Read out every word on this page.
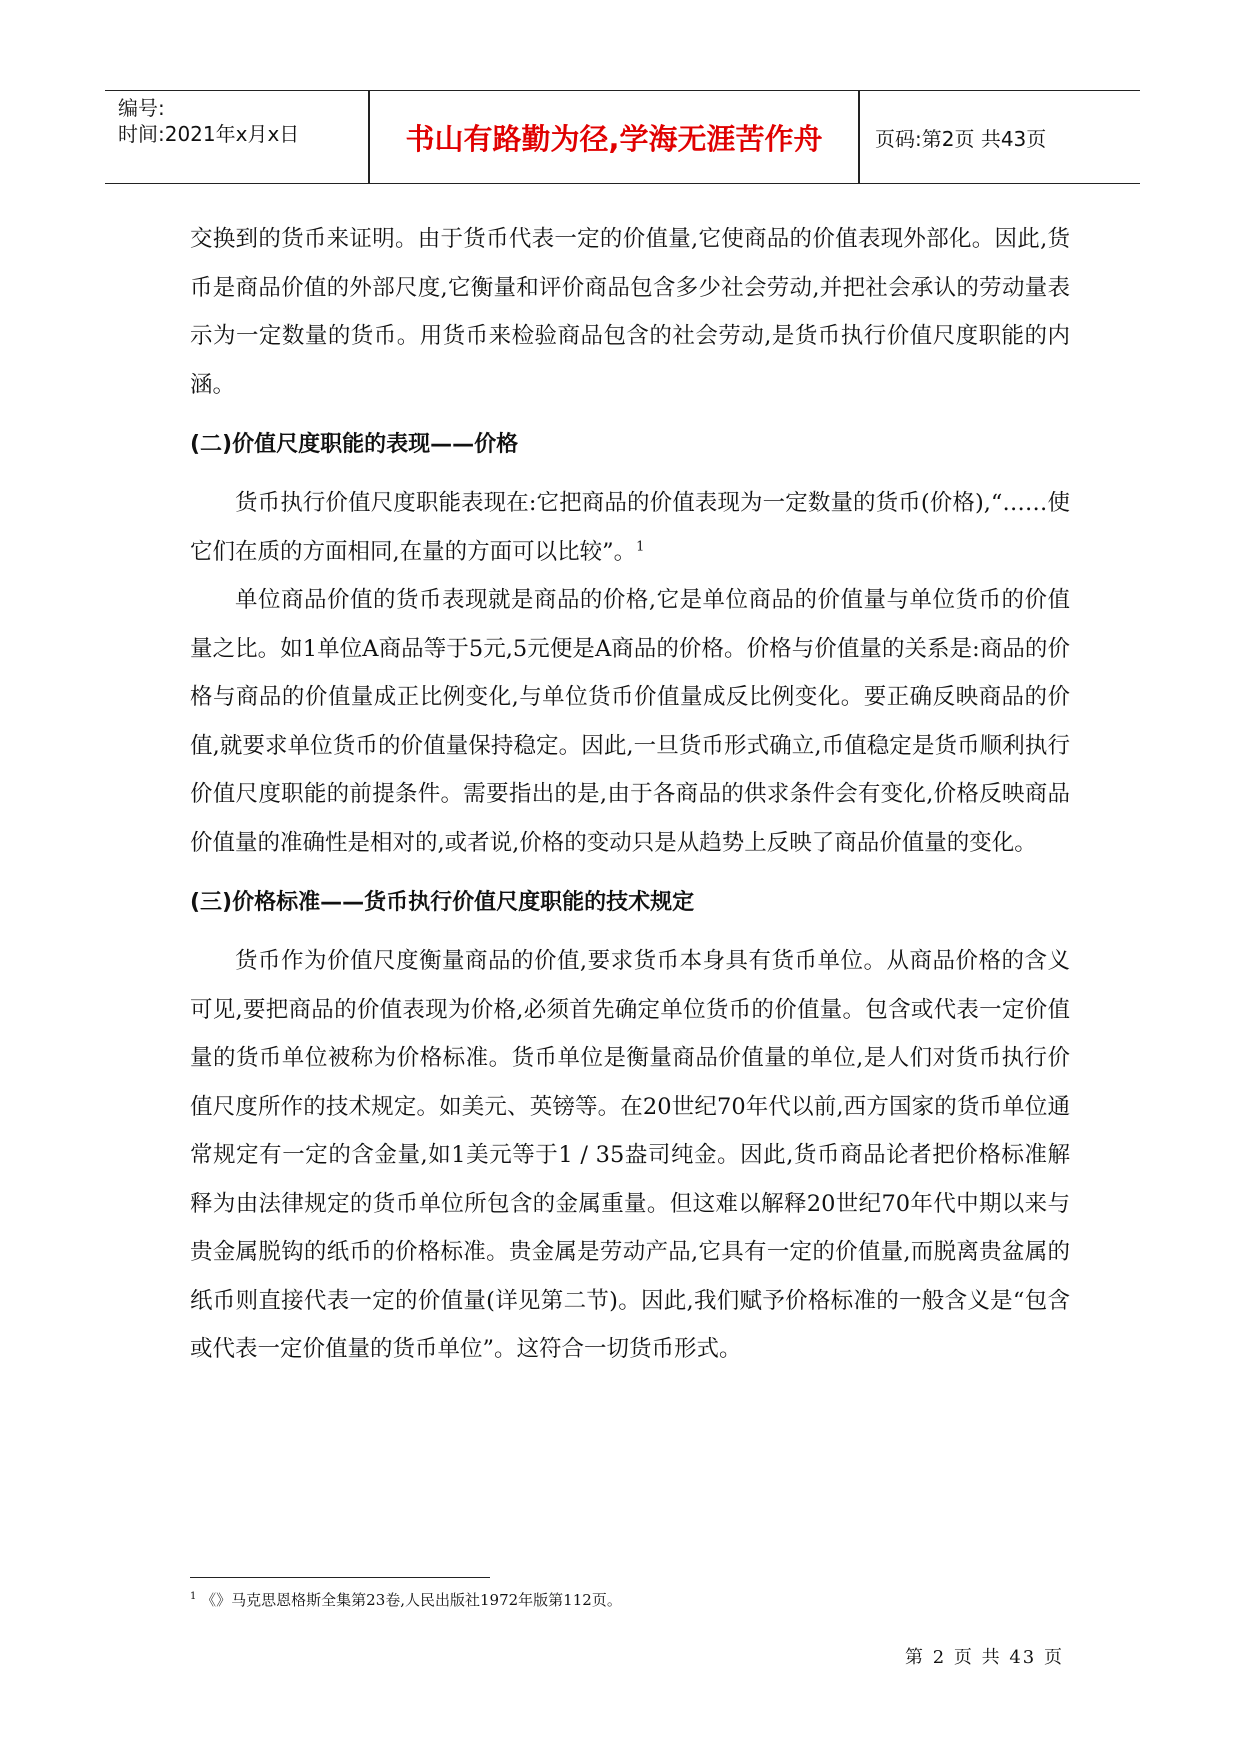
编号:
时间:2021年x月x日	书山有路勤为径,学海无涯苦作舟	页码:第2页 共43页

交换到的货币来证明。由于货币代表一定的价值量,它使商品的价值表现外部化。因此,货币是商品价值的外部尺度,它衡量和评价商品包含多少社会劳动,并把社会承认的劳动量表示为一定数量的货币。用货币来检验商品包含的社会劳动,是货币执行价值尺度职能的内涵。

(二)价值尺度职能的表现——价格

货币执行价值尺度职能表现在:它把商品的价值表现为一定数量的货币(价格),“……使它们在质的方面相同,在量的方面可以比较”。$^1$

单位商品价值的货币表现就是商品的价格,它是单位商品的价值量与单位货币的价值量之比。如1单位A商品等于5元,5元便是A商品的价格。价格与价值量的关系是:商品的价格与商品的价值量成正比例变化,与单位货币价值量成反比例变化。要正确反映商品的价值,就要求单位货币的价值量保持稳定。因此,一旦货币形式确立,币值稳定是货币顺利执行价值尺度职能的前提条件。需要指出的是,由于各商品的供求条件会有变化,价格反映商品价值量的准确性是相对的,或者说,价格的变动只是从趋势上反映了商品价值量的变化。

(三)价格标准——货币执行价值尺度职能的技术规定

货币作为价值尺度衡量商品的价值,要求货币本身具有货币单位。从商品价格的含义可见,要把商品的价值表现为价格,必须首先确定单位货币的价值量。包含或代表一定价值量的货币单位被称为价格标准。货币单位是衡量商品价值量的单位,是人们对货币执行价值尺度所作的技术规定。如美元、英镑等。在20世纪70年代以前,西方国家的货币单位通常规定有一定的含金量,如1美元等于1 / 35盎司纯金。因此,货币商品论者把价格标准解释为由法律规定的货币单位所包含的金属重量。但这难以解释20世纪70年代中期以来与贵金属脱钩的纸币的价格标准。贵金属是劳动产品,它具有一定的价值量,而脱离贵盆属的纸币则直接代表一定的价值量(详见第二节)。因此,我们赋予价格标准的一般含义是“包含或代表一定价值量的货币单位”。这符合一切货币形式。

$^1$ 《》马克思恩格斯全集第23卷,人民出版社1972年版第112页。
第 2 页 共 43 页
